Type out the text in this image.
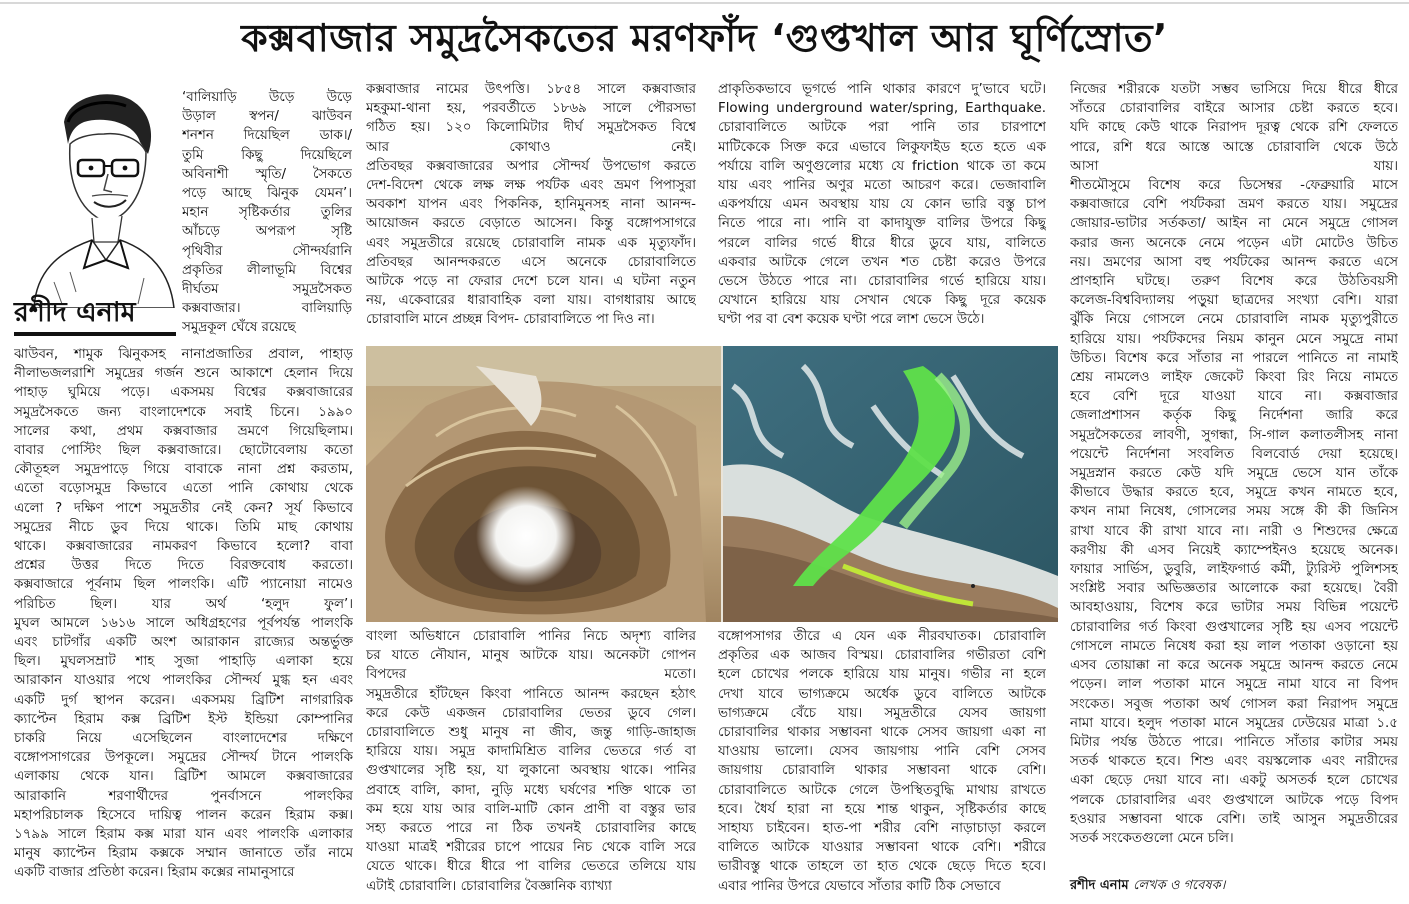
কক্সবাজার সমুদ্রসৈকতের মরণফাঁদ ‘গুপ্তখাল আর ঘূর্ণিস্রোত’
রশীদ এনাম
‘বালিয়াড়ি উড়ে উড়ে
উড়াল স্বপন/ ঝাউবন
শনশন দিয়েছিল ডাক।/
তুমি কিছু দিয়েছিলে
অবিনাশী স্মৃতি/ সৈকতে
পড়ে আছে ঝিনুক যেমন’।
মহান সৃষ্টিকর্তার তুলির
আঁচড়ে অপরূপ সৃষ্টি
পৃথিবীর সৌন্দর্যরানি
প্রকৃতির লীলাভূমি বিশ্বের
দীর্ঘতম সমুদ্রসৈকত
কক্সবাজার। বালিয়াড়ি
সমুদ্রকূল ঘেঁষে রয়েছে
ঝাউবন, শামুক ঝিনুকসহ নানাপ্রজাতির প্রবাল, পাহাড়
নীলাভজলরাশি সমুদ্রের গর্জন শুনে আকাশে হেলান দিয়ে
পাহাড় ঘুমিয়ে পড়ে। একসময় বিশ্বের কক্সবাজারের
সমুদ্রসৈকতে জন্য বাংলাদেশকে সবাই চিনে। ১৯৯০
সালের কথা, প্রথম কক্সবাজার ভ্রমণে গিয়েছিলাম।
বাবার পোস্টিং ছিল কক্সবাজারে। ছোটোবেলায় কতো
কৌতূহল সমুদ্রপাড়ে গিয়ে বাবাকে নানা প্রশ্ন করতাম,
এতো বড়োসমুদ্র কিভাবে এতো পানি কোথায় থেকে
এলো ? দক্ষিণ পাশে সমুদ্রতীর নেই কেন? সূর্য কিভাবে
সমুদ্রের নীচে ডুব দিয়ে থাকে। তিমি মাছ কোথায়
থাকে। কক্সবাজারের নামকরণ কিভাবে হলো? বাবা
প্রশ্নের উত্তর দিতে দিতে বিরক্তবোধ করতো।
কক্সবাজারে পূর্বনাম ছিল পালংকি। এটি প্যানোয়া নামেও
পরিচিত ছিল। যার অর্থ ‘হলুদ ফুল’।
মুঘল আমলে ১৬১৬ সালে অধিগ্রহণের পূর্বপর্যন্ত পালংকি
এবং চাটগাঁর একটি অংশ আরাকান রাজ্যের অন্তর্ভুক্ত
ছিল। মুঘলসম্রাট শাহ সুজা পাহাড়ি এলাকা হয়ে
আরাকান যাওয়ার পথে পালংকির সৌন্দর্য মুগ্ধ হন এবং
একটি দুর্গ স্থাপন করেন। একসময় ব্রিটিশ নাগরারিক
ক্যাপ্টেন হিরাম কক্স ব্রিটিশ ইস্ট ইন্ডিয়া কোম্পানির
চাকরি নিয়ে এসেছিলেন বাংলাদেশের দক্ষিণে
বঙ্গোপসাগরের উপকূলে। সমুদ্রের সৌন্দর্য টানে পালংকি
এলাকায় থেকে যান। ব্রিটিশ আমলে কক্সবাজারের
আরাকানি শরণার্থীদের পুনর্বাসনে পালংকির
মহাপরিচালক হিসেবে দায়িত্ব পালন করেন হিরাম কক্স।
১৭৯৯ সালে হিরাম কক্স মারা যান এবং পালংকি এলাকার
মানুষ ক্যাপ্টেন হিরাম কক্সকে সম্মান জানাতে তাঁর নামে
একটি বাজার প্রতিষ্ঠা করেন। হিরাম কক্সের নামানুসারে
কক্সবাজার নামের উৎপত্তি। ১৮৫৪ সালে কক্সবাজার
মহকুমা-থানা হয়, পরবর্তীতে ১৮৬৯ সালে পৌরসভা
গঠিত হয়। ১২০ কিলোমিটার দীর্ঘ সমুদ্রসৈকত বিশ্বে
আর কোথাও নেই।
প্রতিবছর কক্সবাজারের অপার সৌন্দর্য উপভোগ করতে
দেশ-বিদেশ থেকে লক্ষ লক্ষ পর্যটক এবং ভ্রমণ পিপাসুরা
অবকাশ যাপন এবং পিকনিক, হানিমুনসহ নানা আনন্দ-
আয়োজন করতে বেড়াতে আসেন। কিন্তু বঙ্গোপসাগরে
এবং সমুদ্রতীরে রয়েছে চোরাবালি নামক এক মৃত্যুফাঁদ।
প্রতিবছর আনন্দকরতে এসে অনেকে চোরাবালিতে
আটকে পড়ে না ফেরার দেশে চলে যান। এ ঘটনা নতুন
নয়, একেবারের ধারাবাহিক বলা যায়। বাগধারায় আছে
চোরাবালি মানে প্রচ্ছন্ন বিপদ- চোরাবালিতে পা দিও না।
প্রাকৃতিকভাবে ভূগর্ভে পানি থাকার কারণে দু’ভাবে ঘটে।
Flowing underground water/spring, Earthquake.
চোরাবালিতে আটকে পরা পানি তার চারপাশে
মাটিকেকে সিক্ত করে এভাবে লিকুফাইড হতে হতে এক
পর্যায়ে বালি অণুগুলোর মধ্যে যে friction থাকে তা কমে
যায় এবং পানির অণুর মতো আচরণ করে। ভেজাবালি
একপর্যায়ে এমন অবস্থায় যায় যে কোন ভারি বস্তু চাপ
নিতে পারে না। পানি বা কাদাযুক্ত বালির উপরে কিছু
পরলে বালির গর্ভে ধীরে ধীরে ডুবে যায়, বালিতে
একবার আটকে গেলে তখন শত চেষ্টা করেও উপরে
ভেসে উঠতে পারে না। চোরাবালির গর্ভে হারিয়ে যায়।
যেখানে হারিয়ে যায় সেখান থেকে কিছু দূরে কয়েক
ঘণ্টা পর বা বেশ কয়েক ঘণ্টা পরে লাশ ভেসে উঠে।
বাংলা অভিধানে চোরাবালি পানির নিচে অদৃশ্য বালির
চর যাতে নৌযান, মানুষ আটকে যায়। অনেকটা গোপন
বিপদের মতো।
সমুদ্রতীরে হাঁটছেন কিংবা পানিতে আনন্দ করছেন হঠাৎ
করে কেউ একজন চোরাবালির ভেতর ডুবে গেল।
চোরাবালিতে শুধু মানুষ না জীব, জন্তু গাড়ি-জাহাজ
হারিয়ে যায়। সমুদ্র কাদামিশ্রিত বালির ভেতরে গর্ত বা
গুপ্তখালের সৃষ্টি হয়, যা লুকানো অবস্থায় থাকে। পানির
প্রবাহে বালি, কাদা, নুড়ি মধ্যে ঘর্ষণের শক্তি থাকে তা
কম হয়ে যায় আর বালি-মাটি কোন প্রাণী বা বস্তুর ভার
সহ্য করতে পারে না ঠিক তখনই চোরাবালির কাছে
যাওয়া মাত্রই শরীরের চাপে পায়ের নিচ থেকে বালি সরে
যেতে থাকে। ধীরে ধীরে পা বালির ভেতরে তলিয়ে যায়
এটাই চোরাবালি। চোরাবালির বৈজ্ঞানিক ব্যাখ্যা
বঙ্গোপসাগর তীরে এ যেন এক নীরবঘাতক। চোরাবালি
প্রকৃতির এক আজব বিস্ময়। চোরাবালির গভীরতা বেশি
হলে চোখের পলকে হারিয়ে যায় মানুষ। গভীর না হলে
দেখা যাবে ভাগ্যক্রমে অর্ধেক ডুবে বালিতে আটকে
ভাগ্যক্রমে বেঁচে যায়। সমুদ্রতীরে যেসব জায়গা
চোরাবালির থাকার সম্ভাবনা থাকে সেসব জায়গা একা না
যাওয়ায় ভালো। যেসব জায়গায় পানি বেশি সেসব
জায়গায় চোরাবালি থাকার সম্ভাবনা থাকে বেশি।
চোরাবালিতে আটকে গেলে উপস্থিতবুদ্ধি মাথায় রাখতে
হবে। ধৈর্য হারা না হয়ে শান্ত থাকুন, সৃষ্টিকর্তার কাছে
সাহায্য চাইবেন। হাত-পা শরীর বেশি নাড়াচাড়া করলে
বালিতে আটকে যাওয়ার সম্ভাবনা থাকে বেশি। শরীরে
ভারীবস্তু থাকে তাহলে তা হাত থেকে ছেড়ে দিতে হবে।
এবার পানির উপরে যেভাবে সাঁতার কাটি ঠিক সেভাবে
নিজের শরীরকে যতটা সম্ভব ভাসিয়ে দিয়ে ধীরে ধীরে
সাঁতরে চোরাবালির বাইরে আসার চেষ্টা করতে হবে।
যদি কাছে কেউ থাকে নিরাপদ দূরত্ব থেকে রশি ফেলতে
পারে, রশি ধরে আস্তে আস্তে চোরাবালি থেকে উঠে
আসা যায়।
শীতমৌসুমে বিশেষ করে ডিসেম্বর -ফেব্রুয়ারি মাসে
কক্সবাজারে বেশি পর্যটকরা ভ্রমণ করতে যায়। সমুদ্রের
জোয়ার-ভাটার সর্তকতা/ আইন না মেনে সমুদ্রে গোসল
করার জন্য অনেকে নেমে পড়েন এটা মোটেও উচিত
নয়। ভ্রমণের আসা বহু পর্যটকের আনন্দ করতে এসে
প্রাণহানি ঘটছে। তরুণ বিশেষ করে উঠতিবয়সী
কলেজ-বিশ্ববিদ্যালয় পড়ুয়া ছাত্রদের সংখ্যা বেশি। যারা
ঝুঁকি নিয়ে গোসলে নেমে চোরাবালি নামক মৃত্যুপুরীতে
হারিয়ে যায়। পর্যটকদের নিয়ম কানুন মেনে সমুদ্রে নামা
উচিত। বিশেষ করে সাঁতার না পারলে পানিতে না নামাই
শ্রেয় নামলেও লাইফ জেকেট কিংবা রিং নিয়ে নামতে
হবে বেশি দূরে যাওয়া যাবে না। কক্সবাজার
জেলাপ্রশাসন কর্তৃক কিছু নির্দেশনা জারি করে
সমুদ্রসৈকতের লাবণী, সুগন্ধা, সি-গাল কলাতলীসহ নানা
পয়েন্টে নির্দেশনা সংবলিত বিলবোর্ড দেয়া হয়েছে।
সমুদ্রস্নান করতে কেউ যদি সমুদ্রে ভেসে যান তাঁকে
কীভাবে উদ্ধার করতে হবে, সমুদ্রে কখন নামতে হবে,
কখন নামা নিষেধ, গোসলের সময় সঙ্গে কী কী জিনিস
রাখা যাবে কী রাখা যাবে না। নারী ও শিশুদের ক্ষেত্রে
করণীয় কী এসব নিয়েই ক্যাম্পেইনও হয়েছে অনেক।
ফায়ার সার্ভিস, ডুবুরি, লাইফগার্ড কর্মী, ট্যুরিস্ট পুলিশসহ
সংশ্লিষ্ট সবার অভিজ্ঞতার আলোকে করা হয়েছে। বৈরী
আবহাওয়ায়, বিশেষ করে ভাটার সময় বিভিন্ন পয়েন্টে
চোরাবালির গর্ত কিংবা গুপ্তখালের সৃষ্টি হয় এসব পয়েন্টে
গোসলে নামতে নিষেধ করা হয় লাল পতাকা ওড়ানো হয়
এসব তোয়াক্কা না করে অনেক সমুদ্রে আনন্দ করতে নেমে
পড়েন। লাল পতাকা মানে সমুদ্রে নামা যাবে না বিপদ
সংকেত। সবুজ পতাকা অর্থ গোসল করা নিরাপদ সমুদ্রে
নামা যাবে। হলুদ পতাকা মানে সমুদ্রের ঢেউয়ের মাত্রা ১.৫
মিটার পর্যন্ত উঠতে পারে। পানিতে সাঁতার কাটার সময়
সতর্ক থাকতে হবে। শিশু এবং বয়স্কলোক এবং নারীদের
একা ছেড়ে দেয়া যাবে না। একটু অসতর্ক হলে চোখের
পলকে চোরাবালির এবং গুপ্তখালে আটকে পড়ে বিপদ
হওয়ার সম্ভাবনা থাকে বেশি। তাই আসুন সমুদ্রতীরের
সতর্ক সংকেতগুলো মেনে চলি।
রশীদ এনাম লেখক ও গবেষক।
